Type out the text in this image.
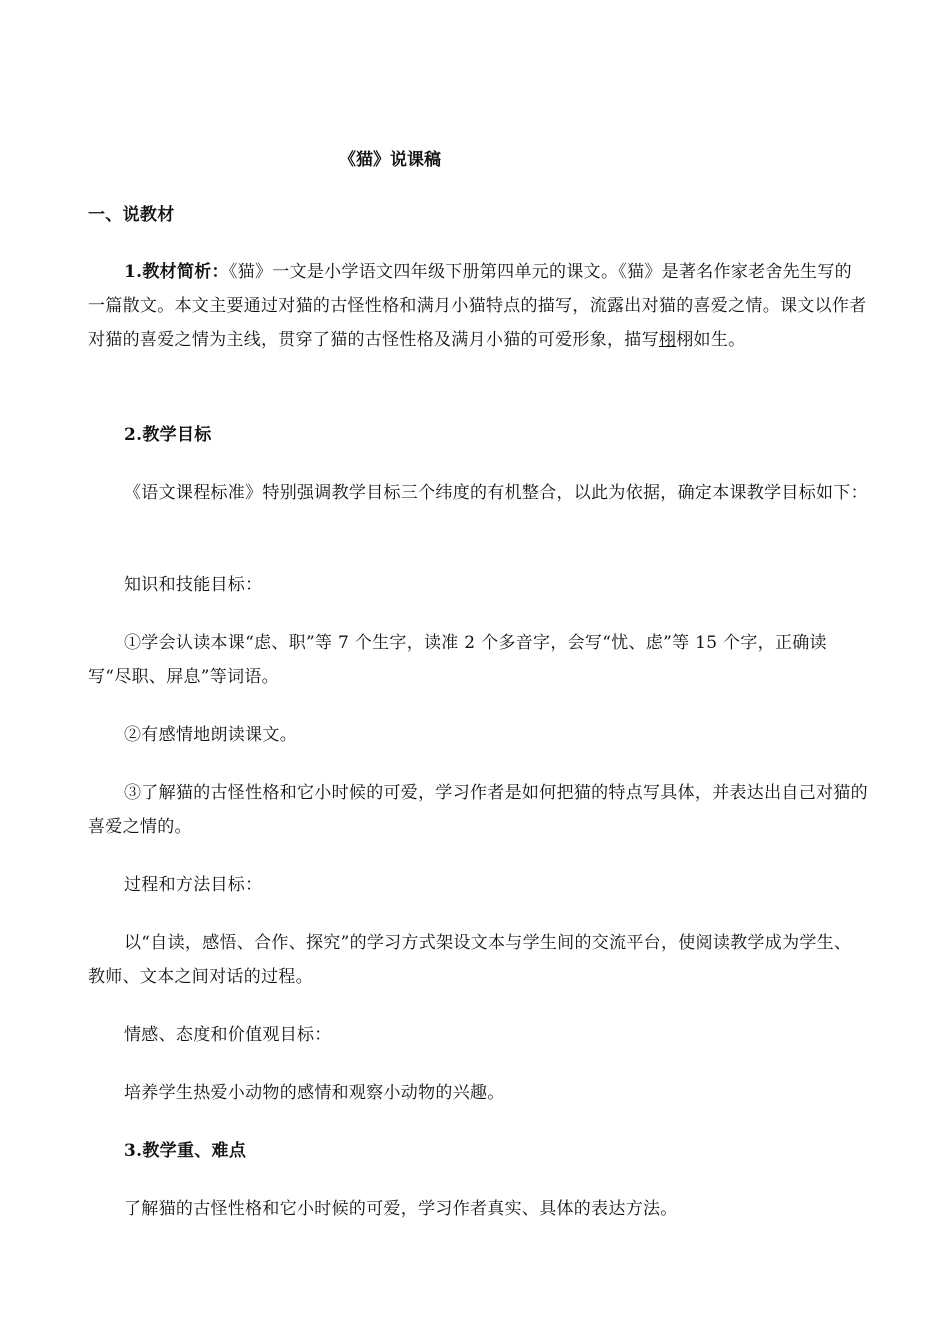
《猫》说课稿
一、说教材
1.教材简析：《猫》一文是小学语文四年级下册第四单元的课文。《猫》是著名作家老舍先生写的一篇散文。本文主要通过对猫的古怪性格和满月小猫特点的描写，流露出对猫的喜爱之情。课文以作者对猫的喜爱之情为主线，贯穿了猫的古怪性格及满月小猫的可爱形象，描写栩栩如生。
2.教学目标
《语文课程标准》特别强调教学目标三个纬度的有机整合，以此为依据，确定本课教学目标如下：
知识和技能目标：
①学会认读本课“虑、职”等 7 个生字，读准 2 个多音字，会写“忧、虑”等 15 个字，正确读写“尽职、屏息”等词语。
②有感情地朗读课文。
③了解猫的古怪性格和它小时候的可爱，学习作者是如何把猫的特点写具体，并表达出自己对猫的喜爱之情的。
过程和方法目标：
以“自读，感悟、合作、探究”的学习方式架设文本与学生间的交流平台，使阅读教学成为学生、教师、文本之间对话的过程。
情感、态度和价值观目标：
培养学生热爱小动物的感情和观察小动物的兴趣。
3.教学重、难点
了解猫的古怪性格和它小时候的可爱，学习作者真实、具体的表达方法。
